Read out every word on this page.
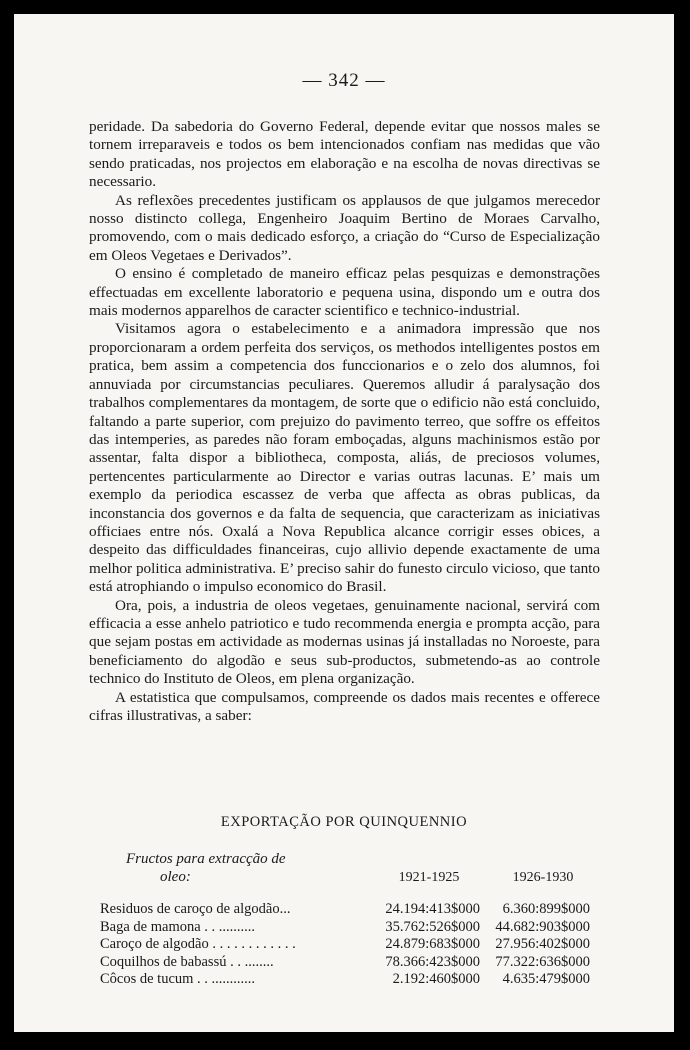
— 342 —

peridade. Da sabedoria do Governo Federal, depende evitar que nossos males se tornem irreparaveis e todos os bem intencionados confiam nas medidas que vão sendo praticadas, nos projectos em elaboração e na escolha de novas directivas se necessario.

As reflexões precedentes justificam os applausos de que julgamos merecedor nosso distincto collega, Engenheiro Joaquim Bertino de Moraes Carvalho, promovendo, com o mais dedicado esforço, a criação do “Curso de Especialização em Oleos Vegetaes e Derivados”.

O ensino é completado de maneiro efficaz pelas pesquizas e demonstrações effectuadas em excellente laboratorio e pequena usina, dispondo um e outra dos mais modernos apparelhos de caracter scientifico e technico-industrial.

Visitamos agora o estabelecimento e a animadora impressão que nos proporcionaram a ordem perfeita dos serviços, os methodos intelligentes postos em pratica, bem assim a competencia dos funccionarios e o zelo dos alumnos, foi annuviada por circumstancias peculiares. Queremos alludir á paralysação dos trabalhos complementares da montagem, de sorte que o edificio não está concluido, faltando a parte superior, com prejuizo do pavimento terreo, que soffre os effeitos das intemperies, as paredes não foram emboçadas, alguns machinismos estão por assentar, falta dispor a bibliotheca, composta, aliás, de preciosos volumes, pertencentes particularmente ao Director e varias outras lacunas. E’ mais um exemplo da periodica escassez de verba que affecta as obras publicas, da inconstancia dos governos e da falta de sequencia, que caracterizam as iniciativas officiaes entre nós. Oxalá a Nova Republica alcance corrigir esses obices, a despeito das difficuldades financeiras, cujo allivio depende exactamente de uma melhor politica administrativa. E’ preciso sahir do funesto circulo vicioso, que tanto está atrophiando o impulso economico do Brasil.

Ora, pois, a industria de oleos vegetaes, genuinamente nacional, servirá com efficacia a esse anhelo patriotico e tudo recommenda energia e prompta acção, para que sejam postas em actividade as modernas usinas já installadas no Noroeste, para beneficiamento do algodão e seus sub-productos, submetendo-as ao controle technico do Instituto de Oleos, em plena organização.

A estatistica que compulsamos, compreende os dados mais recentes e offerece cifras illustrativas, a saber:

EXPORTAÇÃO POR QUINQUENNIO
Fructos para extracção de
oleo:	1921-1925	1926-1930
Residuos de caroço de algodão...	24.194:413$000	6.360:899$000
Baga de mamona . . ..........	35.762:526$000	44.682:903$000
Caroço de algodão . . . . . . . . . . . .	24.879:683$000	27.956:402$000
Coquilhos de babassú . . ........	78.366:423$000	77.322:636$000
Côcos de tucum . . ............	2.192:460$000	4.635:479$000
